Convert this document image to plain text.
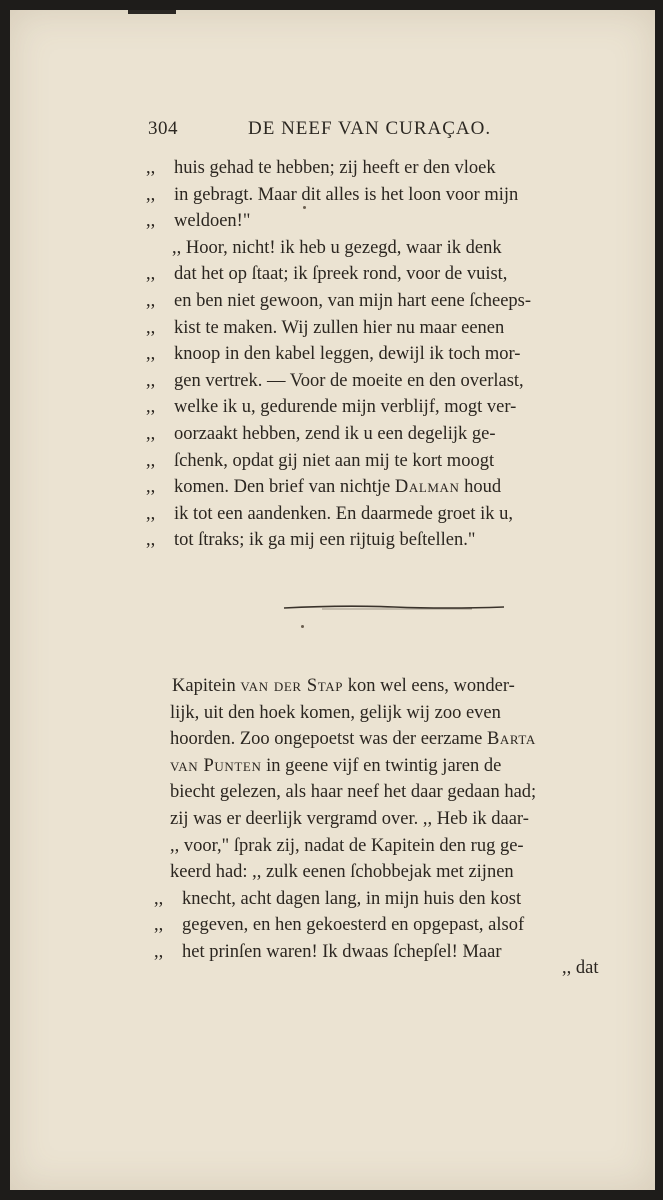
304	DE NEEF VAN CURAÇAO.
,, huis gehad te hebben; zij heeft er den vloek
,, in gebragt. Maar dit alles is het loon voor mijn
,, weldoen!"
,, Hoor, nicht! ik heb u gezegd, waar ik denk
,, dat het op ſtaat; ik ſpreek rond, voor de vuist,
,, en ben niet gewoon, van mijn hart eene ſcheeps-
,, kist te maken. Wij zullen hier nu maar eenen
,, knoop in den kabel leggen, dewijl ik toch mor-
,, gen vertrek. — Voor de moeite en den overlast,
,, welke ik u, gedurende mijn verblijf, mogt ver-
,, oorzaakt hebben, zend ik u een degelijk ge-
,, ſchenk, opdat gij niet aan mij te kort moogt
,, komen. Den brief van nichtje Dalman houd
,, ik tot een aandenken. En daarmede groet ik u,
,, tot ſtraks; ik ga mij een rijtuig beſtellen."
Kapitein van der Stap kon wel eens, wonder-
lijk, uit den hoek komen, gelijk wij zoo even
hoorden. Zoo ongepoetst was der eerzame Barta
van Punten in geene vijf en twintig jaren de
biecht gelezen, als haar neef het daar gedaan had;
zij was er deerlijk vergramd over. ,, Heb ik daar-
,, voor," ſprak zij, nadat de Kapitein den rug ge-
keerd had: ,, zulk eenen ſchobbejak met zijnen
,, knecht, acht dagen lang, in mijn huis den kost
,, gegeven, en hen gekoesterd en opgepast, alsof
,, het prinſen waren! Ik dwaas ſchepſel! Maar
,, dat
